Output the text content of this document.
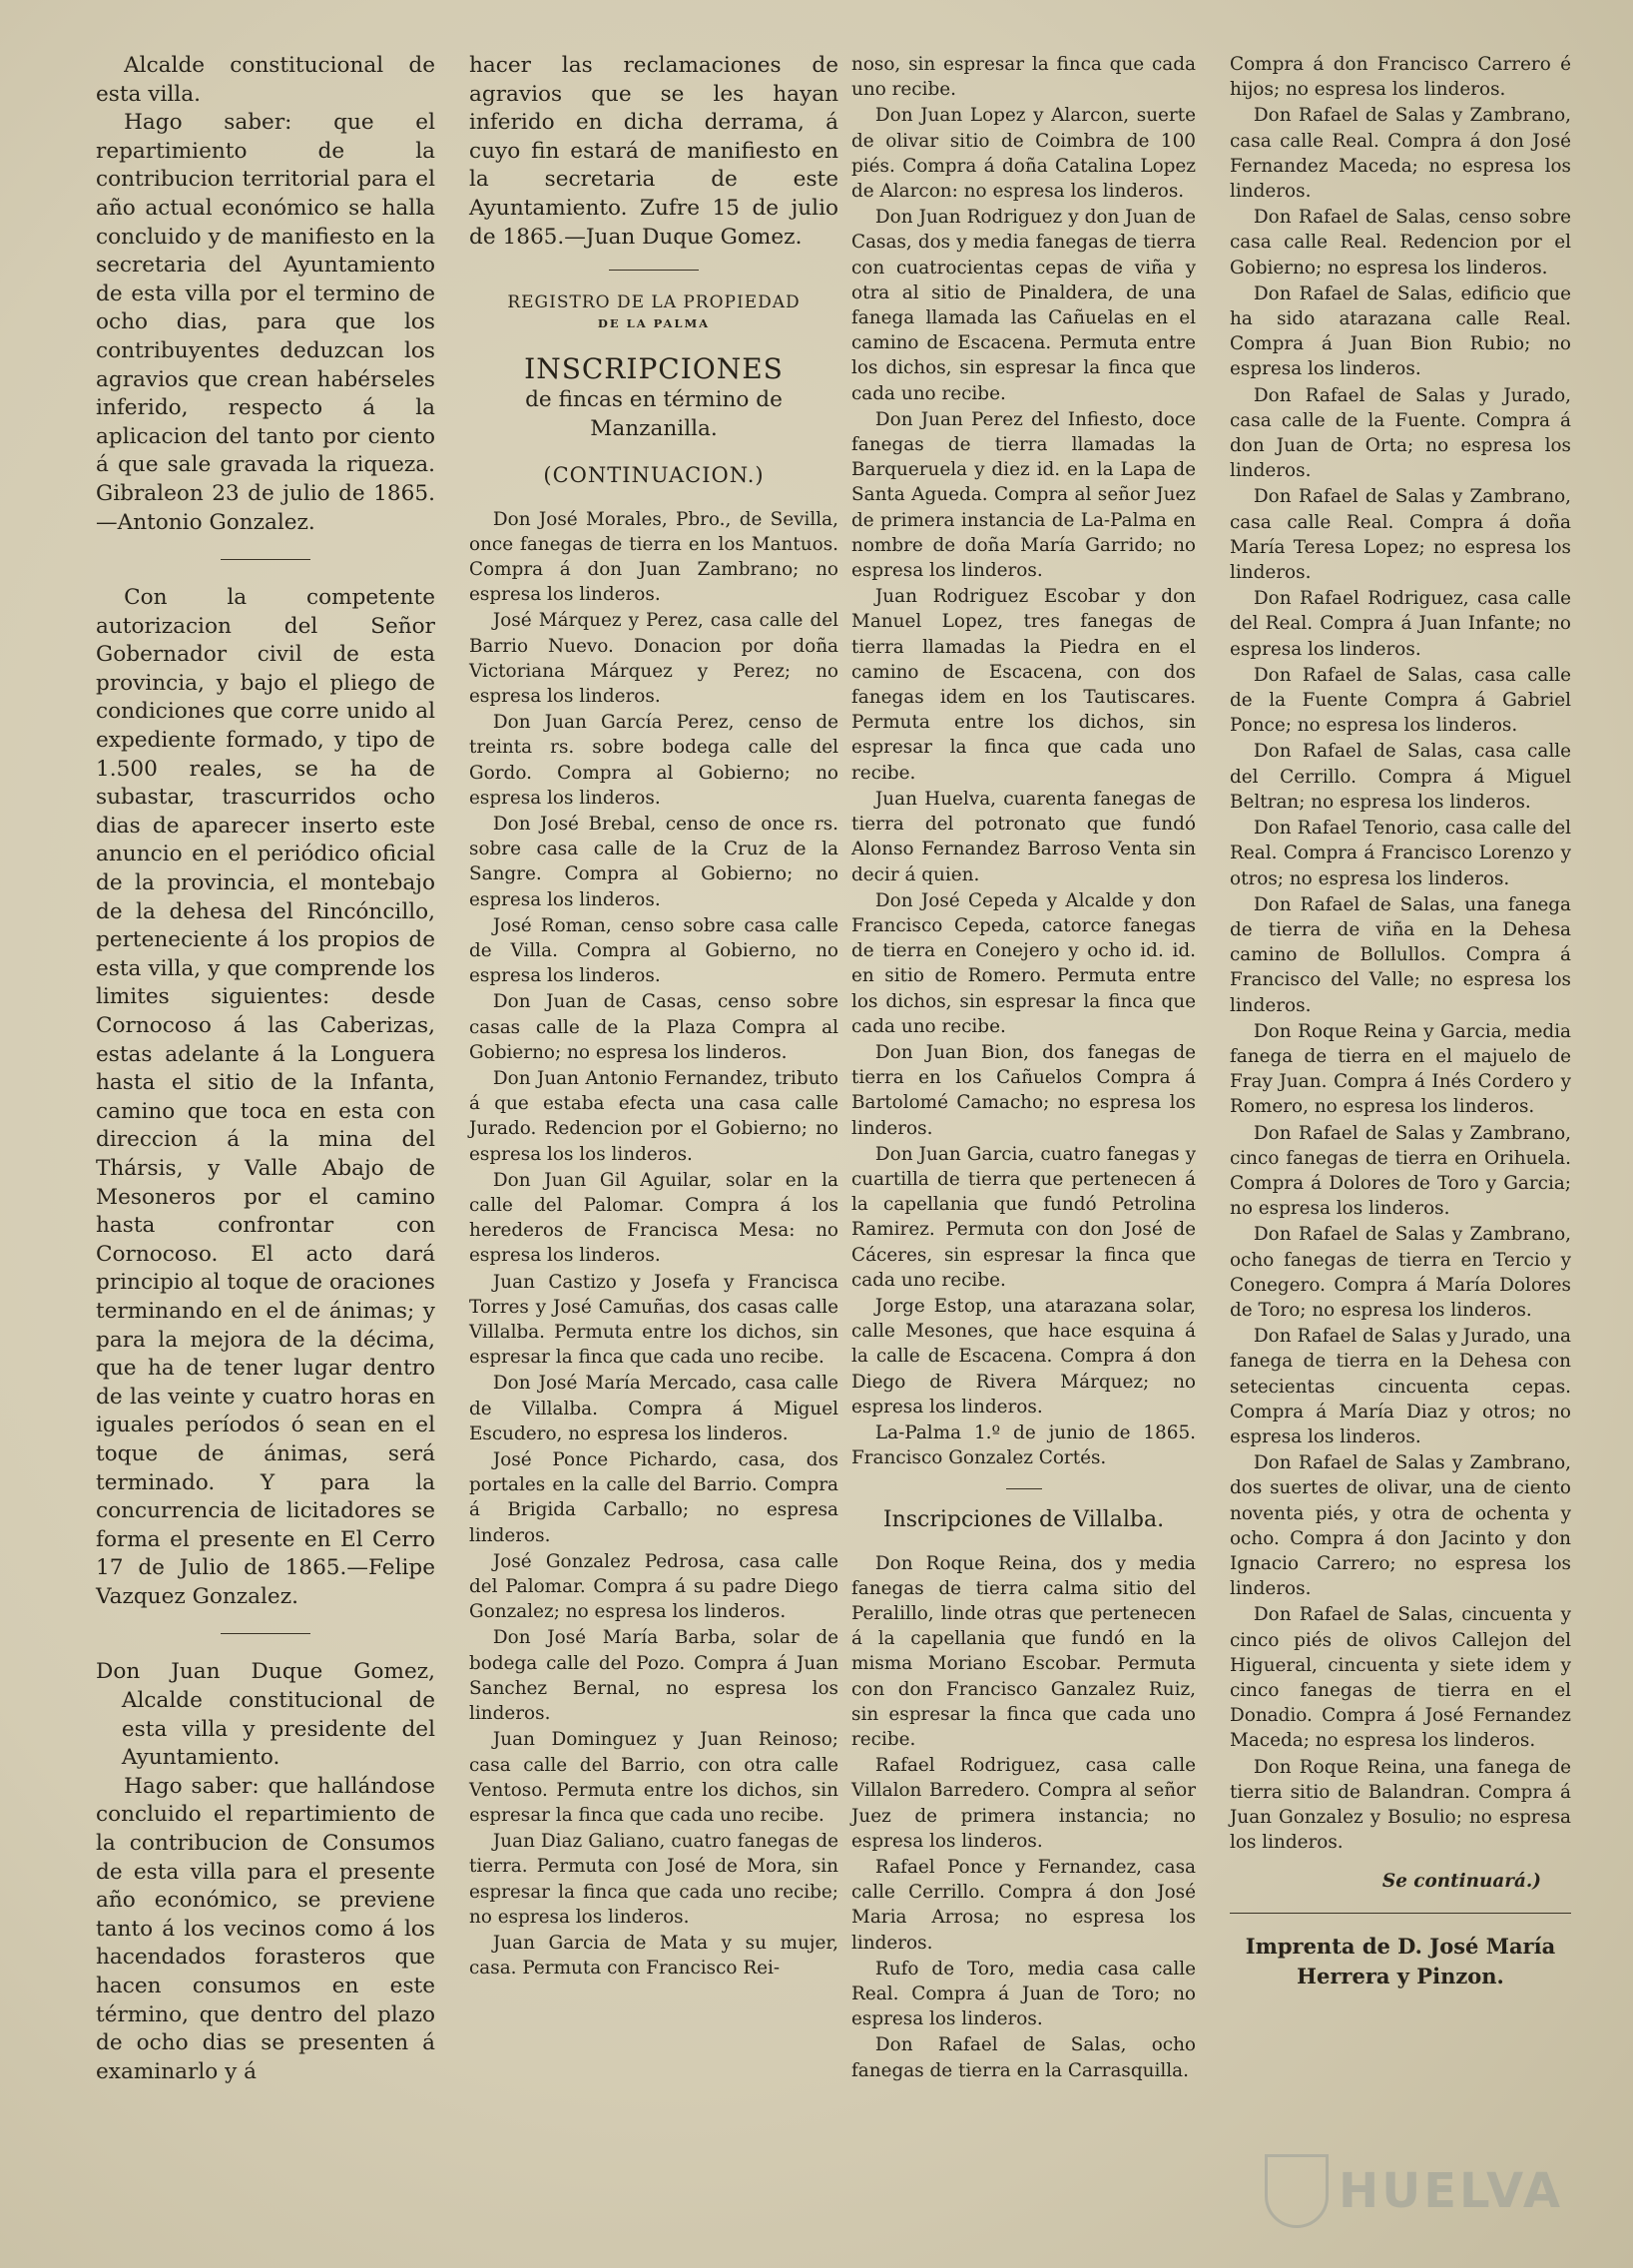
Alcalde constitucional de esta villa.

Hago saber: que el repartimiento de la contribucion territorial para el año actual económico se halla concluido y de manifiesto en la secretaria del Ayuntamiento de esta villa por el termino de ocho dias, para que los contribuyentes deduzcan los agravios que crean habérseles inferido, respecto á la aplicacion del tanto por ciento á que sale gravada la riqueza. Gibraleon 23 de julio de 1865.—Antonio Gonzalez.

Con la competente autorizacion del Señor Gobernador civil de esta provincia, y bajo el pliego de condiciones que corre unido al expediente formado, y tipo de 1.500 reales, se ha de subastar, trascurridos ocho dias de aparecer inserto este anuncio en el periódico oficial de la provincia, el montebajo de la dehesa del Rincóncillo, perteneciente á los propios de esta villa, y que comprende los limites siguientes: desde Cornocoso á las Caberizas, estas adelante á la Longuera hasta el sitio de la Infanta, camino que toca en esta con direccion á la mina del Thársis, y Valle Abajo de Mesoneros por el camino hasta confrontar con Cornocoso. El acto dará principio al toque de oraciones terminando en el de ánimas; y para la mejora de la décima, que ha de tener lugar dentro de las veinte y cuatro horas en iguales períodos ó sean en el toque de ánimas, será terminado. Y para la concurrencia de licitadores se forma el presente en El Cerro 17 de Julio de 1865.—Felipe Vazquez Gonzalez.

Don Juan Duque Gomez, Alcalde constitucional de esta villa y presidente del Ayuntamiento.

Hago saber: que hallándose concluido el repartimiento de la contribucion de Consumos de esta villa para el presente año económico, se previene tanto á los vecinos como á los hacendados forasteros que hacen consumos en este término, que dentro del plazo de ocho dias se presenten á examinarlo y á

hacer las reclamaciones de agravios que se les hayan inferido en dicha derrama, á cuyo fin estará de manifiesto en la secretaria de este Ayuntamiento. Zufre 15 de julio de 1865.—Juan Duque Gomez.

REGISTRO DE LA PROPIEDAD
DE LA PALMA
INSCRIPCIONES
de fincas en término de Manzanilla.
(CONTINUACION.)

Don José Morales, Pbro., de Sevilla, once fanegas de tierra en los Mantuos. Compra á don Juan Zambrano; no espresa los linderos.

José Márquez y Perez, casa calle del Barrio Nuevo. Donacion por doña Victoriana Márquez y Perez; no espresa los linderos.

Don Juan García Perez, censo de treinta rs. sobre bodega calle del Gordo. Compra al Gobierno; no espresa los linderos.

Don José Brebal, censo de once rs. sobre casa calle de la Cruz de la Sangre. Compra al Gobierno; no espresa los linderos.

José Roman, censo sobre casa calle de Villa. Compra al Gobierno, no espresa los linderos.

Don Juan de Casas, censo sobre casas calle de la Plaza Compra al Gobierno; no espresa los linderos.

Don Juan Antonio Fernandez, tributo á que estaba efecta una casa calle Jurado. Redencion por el Gobierno; no espresa los los linderos.

Don Juan Gil Aguilar, solar en la calle del Palomar. Compra á los herederos de Francisca Mesa: no espresa los linderos.

Juan Castizo y Josefa y Francisca Torres y José Camuñas, dos casas calle Villalba. Permuta entre los dichos, sin espresar la finca que cada uno recibe.

Don José María Mercado, casa calle de Villalba. Compra á Miguel Escudero, no espresa los linderos.

José Ponce Pichardo, casa, dos portales en la calle del Barrio. Compra á Brigida Carballo; no espresa linderos.

José Gonzalez Pedrosa, casa calle del Palomar. Compra á su padre Diego Gonzalez; no espresa los linderos.

Don José María Barba, solar de bodega calle del Pozo. Compra á Juan Sanchez Bernal, no espresa los linderos.

Juan Dominguez y Juan Reinoso; casa calle del Barrio, con otra calle Ventoso. Permuta entre los dichos, sin espresar la finca que cada uno recibe.

Juan Diaz Galiano, cuatro fanegas de tierra. Permuta con José de Mora, sin espresar la finca que cada uno recibe; no espresa los linderos.

Juan Garcia de Mata y su mujer, casa. Permuta con Francisco Rei-

noso, sin espresar la finca que cada uno recibe.

Don Juan Lopez y Alarcon, suerte de olivar sitio de Coimbra de 100 piés. Compra á doña Catalina Lopez de Alarcon: no espresa los linderos.

Don Juan Rodriguez y don Juan de Casas, dos y media fanegas de tierra con cuatrocientas cepas de viña y otra al sitio de Pinaldera, de una fanega llamada las Cañuelas en el camino de Escacena. Permuta entre los dichos, sin espresar la finca que cada uno recibe.

Don Juan Perez del Infiesto, doce fanegas de tierra llamadas la Barqueruela y diez id. en la Lapa de Santa Agueda. Compra al señor Juez de primera instancia de La-Palma en nombre de doña María Garrido; no espresa los linderos.

Juan Rodriguez Escobar y don Manuel Lopez, tres fanegas de tierra llamadas la Piedra en el camino de Escacena, con dos fanegas idem en los Tautiscares. Permuta entre los dichos, sin espresar la finca que cada uno recibe.

Juan Huelva, cuarenta fanegas de tierra del potronato que fundó Alonso Fernandez Barroso Venta sin decir á quien.

Don José Cepeda y Alcalde y don Francisco Cepeda, catorce fanegas de tierra en Conejero y ocho id. id. en sitio de Romero. Permuta entre los dichos, sin espresar la finca que cada uno recibe.

Don Juan Bion, dos fanegas de tierra en los Cañuelos Compra á Bartolomé Camacho; no espresa los linderos.

Don Juan Garcia, cuatro fanegas y cuartilla de tierra que pertenecen á la capellania que fundó Petrolina Ramirez. Permuta con don José de Cáceres, sin espresar la finca que cada uno recibe.

Jorge Estop, una atarazana solar, calle Mesones, que hace esquina á la calle de Escacena. Compra á don Diego de Rivera Márquez; no espresa los linderos.

La-Palma 1.º de junio de 1865. Francisco Gonzalez Cortés.

Inscripciones de Villalba.

Don Roque Reina, dos y media fanegas de tierra calma sitio del Peralillo, linde otras que pertenecen á la capellania que fundó en la misma Moriano Escobar. Permuta con don Francisco Ganzalez Ruiz, sin espresar la finca que cada uno recibe.

Rafael Rodriguez, casa calle Villalon Barredero. Compra al señor Juez de primera instancia; no espresa los linderos.

Rafael Ponce y Fernandez, casa calle Cerrillo. Compra á don José Maria Arrosa; no espresa los linderos.

Rufo de Toro, media casa calle Real. Compra á Juan de Toro; no espresa los linderos.

Don Rafael de Salas, ocho fanegas de tierra en la Carrasquilla.

Compra á don Francisco Carrero é hijos; no espresa los linderos.

Don Rafael de Salas y Zambrano, casa calle Real. Compra á don José Fernandez Maceda; no espresa los linderos.

Don Rafael de Salas, censo sobre casa calle Real. Redencion por el Gobierno; no espresa los linderos.

Don Rafael de Salas, edificio que ha sido atarazana calle Real. Compra á Juan Bion Rubio; no espresa los linderos.

Don Rafael de Salas y Jurado, casa calle de la Fuente. Compra á don Juan de Orta; no espresa los linderos.

Don Rafael de Salas y Zambrano, casa calle Real. Compra á doña María Teresa Lopez; no espresa los linderos.

Don Rafael Rodriguez, casa calle del Real. Compra á Juan Infante; no espresa los linderos.

Don Rafael de Salas, casa calle de la Fuente Compra á Gabriel Ponce; no espresa los linderos.

Don Rafael de Salas, casa calle del Cerrillo. Compra á Miguel Beltran; no espresa los linderos.

Don Rafael Tenorio, casa calle del Real. Compra á Francisco Lorenzo y otros; no espresa los linderos.

Don Rafael de Salas, una fanega de tierra de viña en la Dehesa camino de Bollullos. Compra á Francisco del Valle; no espresa los linderos.

Don Roque Reina y Garcia, media fanega de tierra en el majuelo de Fray Juan. Compra á Inés Cordero y Romero, no espresa los linderos.

Don Rafael de Salas y Zambrano, cinco fanegas de tierra en Orihuela. Compra á Dolores de Toro y Garcia; no espresa los linderos.

Don Rafael de Salas y Zambrano, ocho fanegas de tierra en Tercio y Conegero. Compra á María Dolores de Toro; no espresa los linderos.

Don Rafael de Salas y Jurado, una fanega de tierra en la Dehesa con setecientas cincuenta cepas. Compra á María Diaz y otros; no espresa los linderos.

Don Rafael de Salas y Zambrano, dos suertes de olivar, una de ciento noventa piés, y otra de ochenta y ocho. Compra á don Jacinto y don Ignacio Carrero; no espresa los linderos.

Don Rafael de Salas, cincuenta y cinco piés de olivos Callejon del Higueral, cincuenta y siete idem y cinco fanegas de tierra en el Donadio. Compra á José Fernandez Maceda; no espresa los linderos.

Don Roque Reina, una fanega de tierra sitio de Balandran. Compra á Juan Gonzalez y Bosulio; no espresa los linderos.

Se continuará.)

Imprenta de D. José María
Herrera y Pinzon.
HUELVA
